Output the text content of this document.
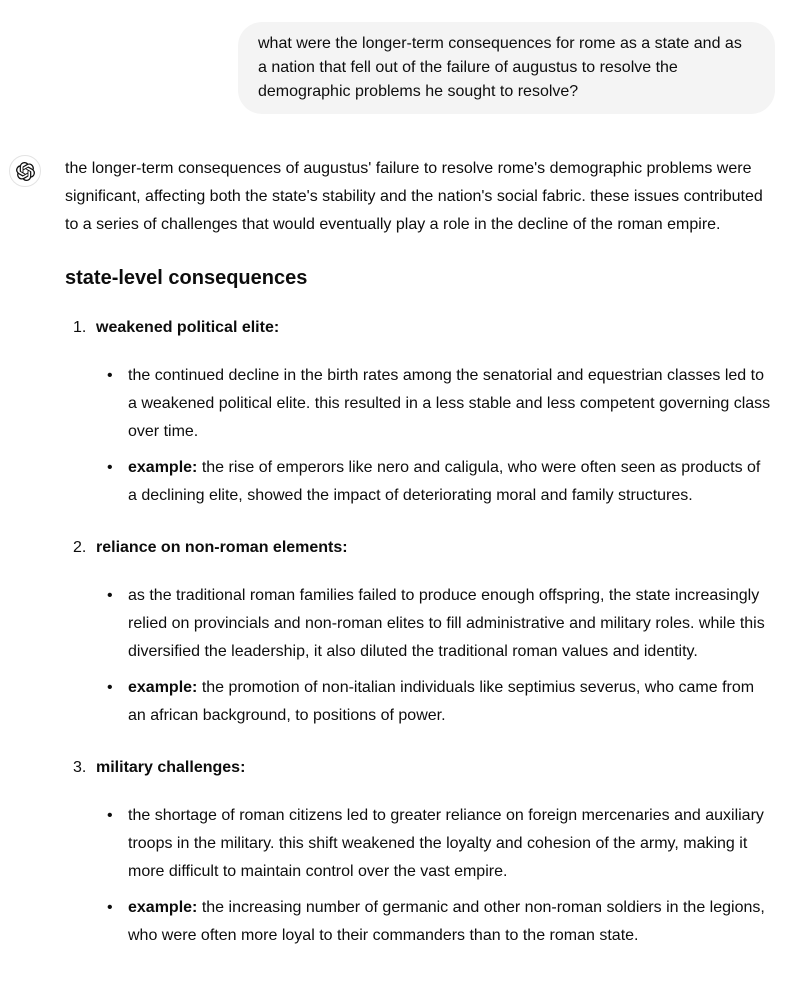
what were the longer-term consequences for rome as a state and as a nation that fell out of the failure of augustus to resolve the demographic problems he sought to resolve?

the longer-term consequences of augustus' failure to resolve rome's demographic problems were significant, affecting both the state's stability and the nation's social fabric. these issues contributed to a series of challenges that would eventually play a role in the decline of the roman empire.

state-level consequences
1. weakened political elite:
• the continued decline in the birth rates among the senatorial and equestrian classes led to a weakened political elite. this resulted in a less stable and less competent governing class over time.
• example: the rise of emperors like nero and caligula, who were often seen as products of a declining elite, showed the impact of deteriorating moral and family structures.
2. reliance on non-roman elements:
• as the traditional roman families failed to produce enough offspring, the state increasingly relied on provincials and non-roman elites to fill administrative and military roles. while this diversified the leadership, it also diluted the traditional roman values and identity.
• example: the promotion of non-italian individuals like septimius severus, who came from an african background, to positions of power.
3. military challenges:
• the shortage of roman citizens led to greater reliance on foreign mercenaries and auxiliary troops in the military. this shift weakened the loyalty and cohesion of the army, making it more difficult to maintain control over the vast empire.
• example: the increasing number of germanic and other non-roman soldiers in the legions, who were often more loyal to their commanders than to the roman state.
